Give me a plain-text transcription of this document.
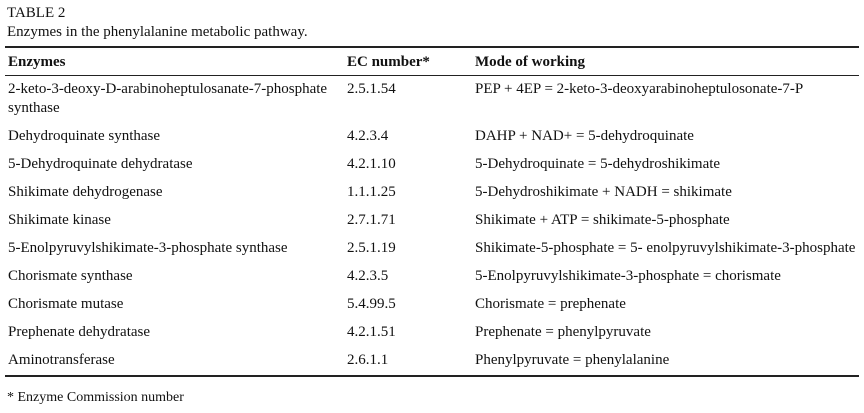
TABLE 2
Enzymes in the phenylalanine metabolic pathway.
Enzymes	EC number*	Mode of working
2-keto-3-deoxy-D-arabinoheptulosanate-7-phosphate synthase	2.5.1.54	PEP + 4EP = 2-keto-3-deoxyarabinoheptulosonate-7-P
Dehydroquinate synthase	4.2.3.4	DAHP + NAD+ = 5-dehydroquinate
5-Dehydroquinate dehydratase	4.2.1.10	5-Dehydroquinate = 5-dehydroshikimate
Shikimate dehydrogenase	1.1.1.25	5-Dehydroshikimate + NADH = shikimate
Shikimate kinase	2.7.1.71	Shikimate + ATP = shikimate-5-phosphate
5-Enolpyruvylshikimate-3-phosphate synthase	2.5.1.19	Shikimate-5-phosphate = 5- enolpyruvylshikimate-3-phosphate
Chorismate synthase	4.2.3.5	5-Enolpyruvylshikimate-3-phosphate = chorismate
Chorismate mutase	5.4.99.5	Chorismate = prephenate
Prephenate dehydratase	4.2.1.51	Prephenate = phenylpyruvate
Aminotransferase	2.6.1.1	Phenylpyruvate = phenylalanine
* Enzyme Commission number
